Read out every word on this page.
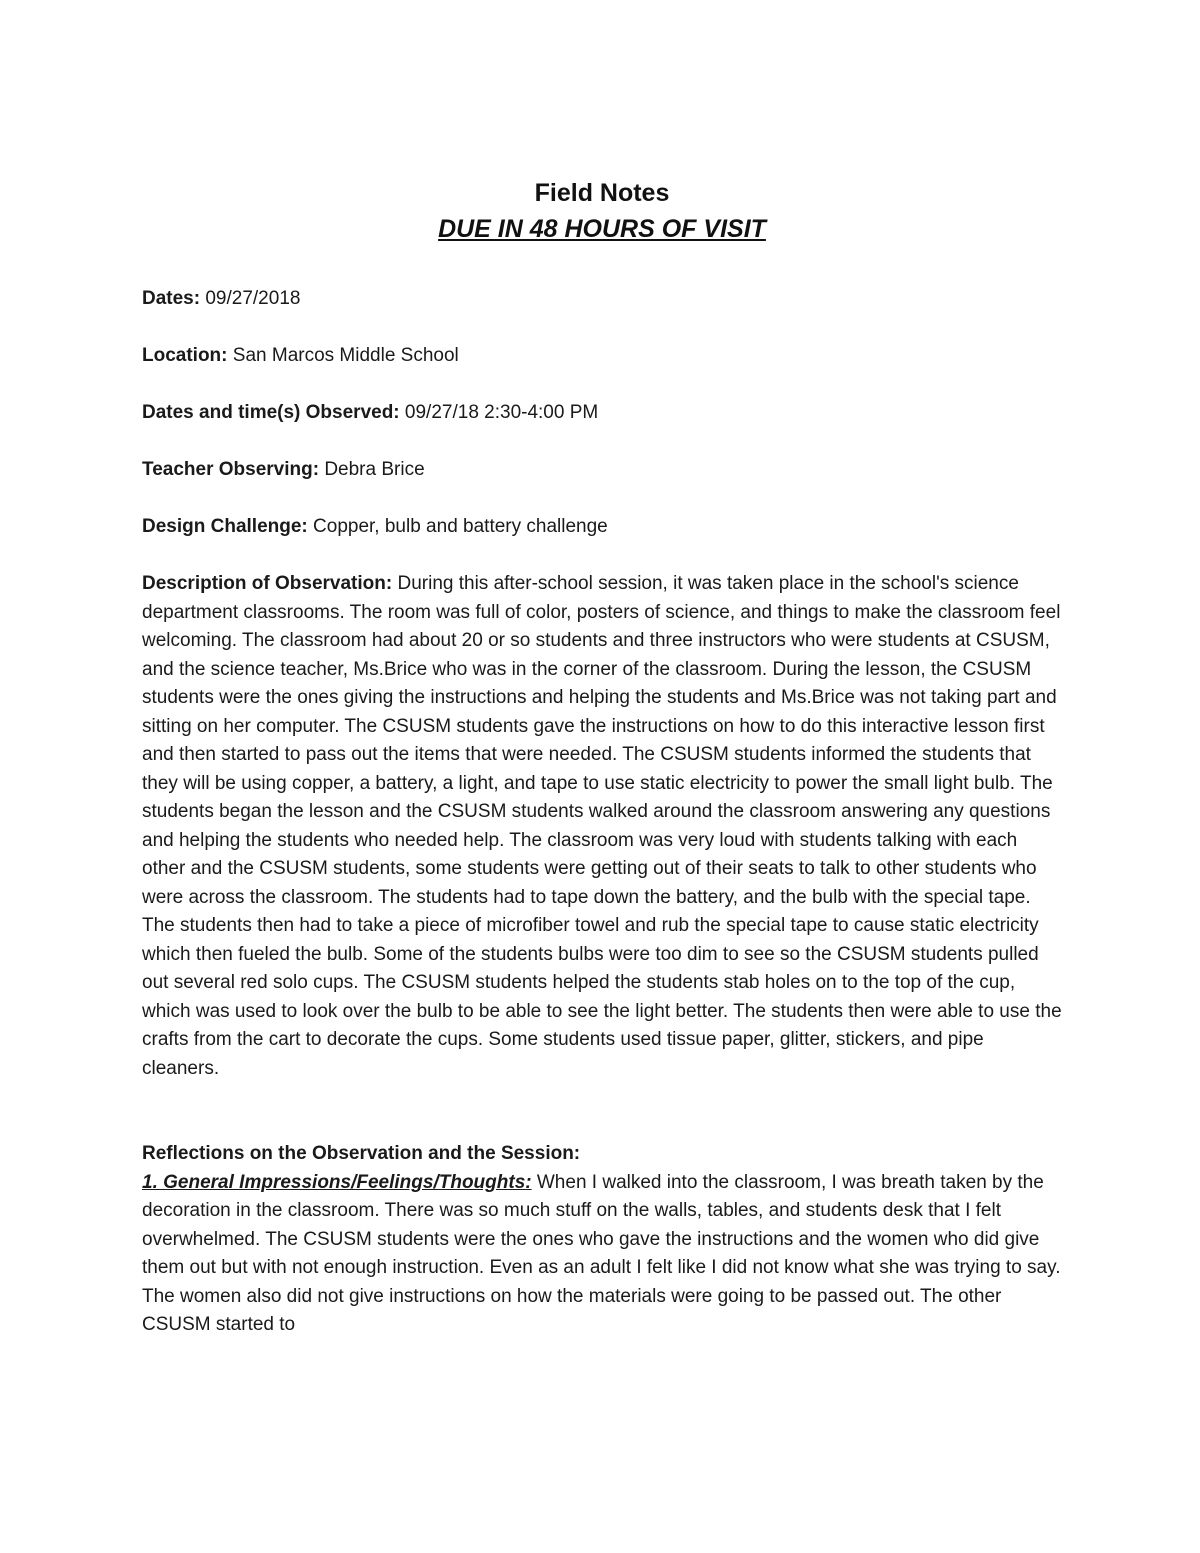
Field Notes
DUE IN 48 HOURS OF VISIT

Dates: 09/27/2018

Location: San Marcos Middle School

Dates and time(s) Observed: 09/27/18 2:30-4:00 PM

Teacher Observing: Debra Brice

Design Challenge: Copper, bulb and battery challenge

Description of Observation: During this after-school session, it was taken place in the school's science department classrooms. The room was full of color, posters of science, and things to make the classroom feel welcoming. The classroom had about 20 or so students and three instructors who were students at CSUSM, and the science teacher, Ms.Brice who was in the corner of the classroom. During the lesson, the CSUSM students were the ones giving the instructions and helping the students and Ms.Brice was not taking part and sitting on her computer. The CSUSM students gave the instructions on how to do this interactive lesson first and then started to pass out the items that were needed. The CSUSM students informed the students that they will be using copper, a battery, a light, and tape to use static electricity to power the small light bulb. The students began the lesson and the CSUSM students walked around the classroom answering any questions and helping the students who needed help. The classroom was very loud with students talking with each other and the CSUSM students, some students were getting out of their seats to talk to other students who were across the classroom. The students had to tape down the battery, and the bulb with the special tape. The students then had to take a piece of microfiber towel and rub the special tape to cause static electricity which then fueled the bulb. Some of the students bulbs were too dim to see so the CSUSM students pulled out several red solo cups. The CSUSM students helped the students stab holes on to the top of the cup, which was used to look over the bulb to be able to see the light better. The students then were able to use the crafts from the cart to decorate the cups. Some students used tissue paper, glitter, stickers, and pipe cleaners.

Reflections on the Observation and the Session:

1. General Impressions/Feelings/Thoughts: When I walked into the classroom, I was breath taken by the decoration in the classroom. There was so much stuff on the walls, tables, and students desk that I felt overwhelmed. The CSUSM students were the ones who gave the instructions and the women who did give them out but with not enough instruction. Even as an adult I felt like I did not know what she was trying to say. The women also did not give instructions on how the materials were going to be passed out. The other CSUSM started to
